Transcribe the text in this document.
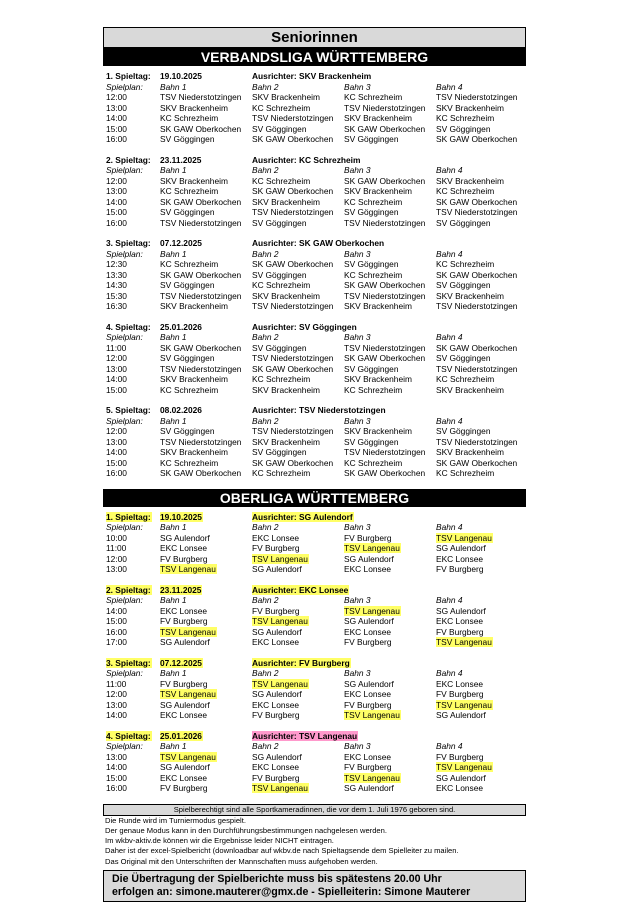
Seniorinnen
VERBANDSLIGA WÜRTTEMBERG
1. Spieltag:	19.10.2025	Ausrichter: SKV Brackenheim
Spielplan:	Bahn 1	Bahn 2	Bahn 3	Bahn 4
12:00	TSV Niederstotzingen	SKV Brackenheim	KC Schrezheim	TSV Niederstotzingen
13:00	SKV Brackenheim	KC Schrezheim	TSV Niederstotzingen	SKV Brackenheim
14:00	KC Schrezheim	TSV Niederstotzingen	SKV Brackenheim	KC Schrezheim
15:00	SK GAW Oberkochen	SV Göggingen	SK GAW Oberkochen	SV Göggingen
16:00	SV Göggingen	SK GAW Oberkochen	SV Göggingen	SK GAW Oberkochen
2. Spieltag:	23.11.2025	Ausrichter: KC Schrezheim
Spielplan:	Bahn 1	Bahn 2	Bahn 3	Bahn 4
12:00	SKV Brackenheim	KC Schrezheim	SK GAW Oberkochen	SKV Brackenheim
13:00	KC Schrezheim	SK GAW Oberkochen	SKV Brackenheim	KC Schrezheim
14:00	SK GAW Oberkochen	SKV Brackenheim	KC Schrezheim	SK GAW Oberkochen
15:00	SV Göggingen	TSV Niederstotzingen	SV Göggingen	TSV Niederstotzingen
16:00	TSV Niederstotzingen	SV Göggingen	TSV Niederstotzingen	SV Göggingen
3. Spieltag:	07.12.2025	Ausrichter: SK GAW Oberkochen
Spielplan:	Bahn 1	Bahn 2	Bahn 3	Bahn 4
12:30	KC Schrezheim	SK GAW Oberkochen	SV Göggingen	KC Schrezheim
13:30	SK GAW Oberkochen	SV Göggingen	KC Schrezheim	SK GAW Oberkochen
14:30	SV Göggingen	KC Schrezheim	SK GAW Oberkochen	SV Göggingen
15:30	TSV Niederstotzingen	SKV Brackenheim	TSV Niederstotzingen	SKV Brackenheim
16:30	SKV Brackenheim	TSV Niederstotzingen	SKV Brackenheim	TSV Niederstotzingen
4. Spieltag:	25.01.2026	Ausrichter: SV Göggingen
Spielplan:	Bahn 1	Bahn 2	Bahn 3	Bahn 4
11:00	SK GAW Oberkochen	SV Göggingen	TSV Niederstotzingen	SK GAW Oberkochen
12:00	SV Göggingen	TSV Niederstotzingen	SK GAW Oberkochen	SV Göggingen
13:00	TSV Niederstotzingen	SK GAW Oberkochen	SV Göggingen	TSV Niederstotzingen
14:00	SKV Brackenheim	KC Schrezheim	SKV Brackenheim	KC Schrezheim
15:00	KC Schrezheim	SKV Brackenheim	KC Schrezheim	SKV Brackenheim
5. Spieltag:	08.02.2026	Ausrichter: TSV Niederstotzingen
Spielplan:	Bahn 1	Bahn 2	Bahn 3	Bahn 4
12:00	SV Göggingen	TSV Niederstotzingen	SKV Brackenheim	SV Göggingen
13:00	TSV Niederstotzingen	SKV Brackenheim	SV Göggingen	TSV Niederstotzingen
14:00	SKV Brackenheim	SV Göggingen	TSV Niederstotzingen	SKV Brackenheim
15:00	KC Schrezheim	SK GAW Oberkochen	KC Schrezheim	SK GAW Oberkochen
16:00	SK GAW Oberkochen	KC Schrezheim	SK GAW Oberkochen	KC Schrezheim
OBERLIGA WÜRTTEMBERG
1. Spieltag:	19.10.2025	Ausrichter: SG Aulendorf
Spielplan:	Bahn 1	Bahn 2	Bahn 3	Bahn 4
10:00	SG Aulendorf	EKC Lonsee	FV Burgberg	TSV Langenau
11:00	EKC Lonsee	FV Burgberg	TSV Langenau	SG Aulendorf
12:00	FV Burgberg	TSV Langenau	SG Aulendorf	EKC Lonsee
13:00	TSV Langenau	SG Aulendorf	EKC Lonsee	FV Burgberg
2. Spieltag:	23.11.2025	Ausrichter: EKC Lonsee
Spielplan:	Bahn 1	Bahn 2	Bahn 3	Bahn 4
14:00	EKC Lonsee	FV Burgberg	TSV Langenau	SG Aulendorf
15:00	FV Burgberg	TSV Langenau	SG Aulendorf	EKC Lonsee
16:00	TSV Langenau	SG Aulendorf	EKC Lonsee	FV Burgberg
17:00	SG Aulendorf	EKC Lonsee	FV Burgberg	TSV Langenau
3. Spieltag:	07.12.2025	Ausrichter: FV Burgberg
Spielplan:	Bahn 1	Bahn 2	Bahn 3	Bahn 4
11:00	FV Burgberg	TSV Langenau	SG Aulendorf	EKC Lonsee
12:00	TSV Langenau	SG Aulendorf	EKC Lonsee	FV Burgberg
13:00	SG Aulendorf	EKC Lonsee	FV Burgberg	TSV Langenau
14:00	EKC Lonsee	FV Burgberg	TSV Langenau	SG Aulendorf
4. Spieltag:	25.01.2026	Ausrichter: TSV Langenau
Spielplan:	Bahn 1	Bahn 2	Bahn 3	Bahn 4
13:00	TSV Langenau	SG Aulendorf	EKC Lonsee	FV Burgberg
14:00	SG Aulendorf	EKC Lonsee	FV Burgberg	TSV Langenau
15:00	EKC Lonsee	FV Burgberg	TSV Langenau	SG Aulendorf
16:00	FV Burgberg	TSV Langenau	SG Aulendorf	EKC Lonsee
Spielberechtigt sind alle Sportkameradinnen, die vor dem 1. Juli 1976 geboren sind.
Die Runde wird im Turniermodus gespielt.
Der genaue Modus kann in den Durchführungsbestimmungen nachgelesen werden.
Im wkbv-aktiv.de können wir die Ergebnisse leider NICHT eintragen.
Daher ist der excel-Spielbericht (downloadbar auf wkbv.de nach Spieltagsende dem Spielleiter zu mailen.
Das Original mit den Unterschriften der Mannschaften muss aufgehoben werden.
Die Übertragung der Spielberichte muss bis spätestens 20.00 Uhr
erfolgen an: simone.mauterer@gmx.de - Spielleiterin: Simone Mauterer
